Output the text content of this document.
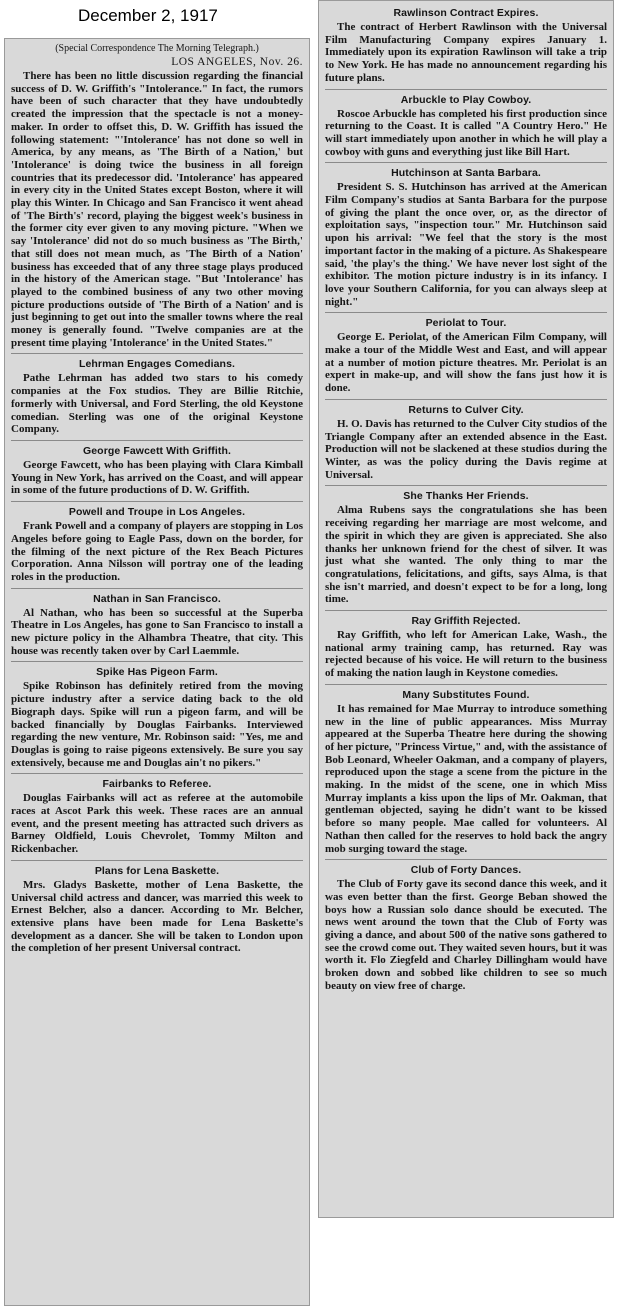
December 2, 1917
(Special Correspondence The Morning Telegraph.)
LOS ANGELES, Nov. 26.

There has been no little discussion regarding the financial success of D. W. Griffith's "Intolerance." In fact, the rumors have been of such character that they have undoubtedly created the impression that the spectacle is not a money-maker. In order to offset this, D. W. Griffith has issued the following statement: "'Intolerance' has not done so well in America, by any means, as 'The Birth of a Nation,' but 'Intolerance' is doing twice the business in all foreign countries that its predecessor did. 'Intolerance' has appeared in every city in the United States except Boston, where it will play this Winter. In Chicago and San Francisco it went ahead of 'The Birth's' record, playing the biggest week's business in the former city ever given to any moving picture. "When we say 'Intolerance' did not do so much business as 'The Birth,' that still does not mean much, as 'The Birth of a Nation' business has exceeded that of any three stage plays produced in the history of the American stage. "But 'Intolerance' has played to the combined business of any two other moving picture productions outside of 'The Birth of a Nation' and is just beginning to get out into the smaller towns where the real money is generally found. "Twelve companies are at the present time playing 'Intolerance' in the United States."

Lehrman Engages Comedians.

Pathe Lehrman has added two stars to his comedy companies at the Fox studios. They are Billie Ritchie, formerly with Universal, and Ford Sterling, the old Keystone comedian. Sterling was one of the original Keystone Company.

George Fawcett With Griffith.

George Fawcett, who has been playing with Clara Kimball Young in New York, has arrived on the Coast, and will appear in some of the future productions of D. W. Griffith.

Powell and Troupe in Los Angeles.

Frank Powell and a company of players are stopping in Los Angeles before going to Eagle Pass, down on the border, for the filming of the next picture of the Rex Beach Pictures Corporation. Anna Nilsson will portray one of the leading roles in the production.

Nathan in San Francisco.

Al Nathan, who has been so successful at the Superba Theatre in Los Angeles, has gone to San Francisco to install a new picture policy in the Alhambra Theatre, that city. This house was recently taken over by Carl Laemmle.

Spike Has Pigeon Farm.

Spike Robinson has definitely retired from the moving picture industry after a service dating back to the old Biograph days. Spike will run a pigeon farm, and will be backed financially by Douglas Fairbanks. Interviewed regarding the new venture, Mr. Robinson said: "Yes, me and Douglas is going to raise pigeons extensively. Be sure you say extensively, because me and Douglas ain't no pikers."

Fairbanks to Referee.

Douglas Fairbanks will act as referee at the automobile races at Ascot Park this week. These races are an annual event, and the present meeting has attracted such drivers as Barney Oldfield, Louis Chevrolet, Tommy Milton and Rickenbacher.

Plans for Lena Baskette.

Mrs. Gladys Baskette, mother of Lena Baskette, the Universal child actress and dancer, was married this week to Ernest Belcher, also a dancer. According to Mr. Belcher, extensive plans have been made for Lena Baskette's development as a dancer. She will be taken to London upon the completion of her present Universal contract.

Rawlinson Contract Expires.

The contract of Herbert Rawlinson with the Universal Film Manufacturing Company expires January 1. Immediately upon its expiration Rawlinson will take a trip to New York. He has made no announcement regarding his future plans.

Arbuckle to Play Cowboy.

Roscoe Arbuckle has completed his first production since returning to the Coast. It is called "A Country Hero." He will start immediately upon another in which he will play a cowboy with guns and everything just like Bill Hart.

Hutchinson at Santa Barbara.

President S. S. Hutchinson has arrived at the American Film Company's studios at Santa Barbara for the purpose of giving the plant the once over, or, as the director of exploitation says, "inspection tour." Mr. Hutchinson said upon his arrival: "We feel that the story is the most important factor in the making of a picture. As Shakespeare said, 'the play's the thing.' We have never lost sight of the exhibitor. The motion picture industry is in its infancy. I love your Southern California, for you can always sleep at night."

Periolat to Tour.

George E. Periolat, of the American Film Company, will make a tour of the Middle West and East, and will appear at a number of motion picture theatres. Mr. Periolat is an expert in make-up, and will show the fans just how it is done.

Returns to Culver City.

H. O. Davis has returned to the Culver City studios of the Triangle Company after an extended absence in the East. Production will not be slackened at these studios during the Winter, as was the policy during the Davis regime at Universal.

She Thanks Her Friends.

Alma Rubens says the congratulations she has been receiving regarding her marriage are most welcome, and the spirit in which they are given is appreciated. She also thanks her unknown friend for the chest of silver. It was just what she wanted. The only thing to mar the congratulations, felicitations, and gifts, says Alma, is that she isn't married, and doesn't expect to be for a long, long time.

Ray Griffith Rejected.

Ray Griffith, who left for American Lake, Wash., the national army training camp, has returned. Ray was rejected because of his voice. He will return to the business of making the nation laugh in Keystone comedies.

Many Substitutes Found.

It has remained for Mae Murray to introduce something new in the line of public appearances. Miss Murray appeared at the Superba Theatre here during the showing of her picture, "Princess Virtue," and, with the assistance of Bob Leonard, Wheeler Oakman, and a company of players, reproduced upon the stage a scene from the picture in the making. In the midst of the scene, one in which Miss Murray implants a kiss upon the lips of Mr. Oakman, that gentleman objected, saying he didn't want to be kissed before so many people. Mae called for volunteers. Al Nathan then called for the reserves to hold back the angry mob surging toward the stage.

Club of Forty Dances.

The Club of Forty gave its second dance this week, and it was even better than the first. George Beban showed the boys how a Russian solo dance should be executed. The news went around the town that the Club of Forty was giving a dance, and about 500 of the native sons gathered to see the crowd come out. They waited seven hours, but it was worth it. Flo Ziegfeld and Charley Dillingham would have broken down and sobbed like children to see so much beauty on view free of charge.
